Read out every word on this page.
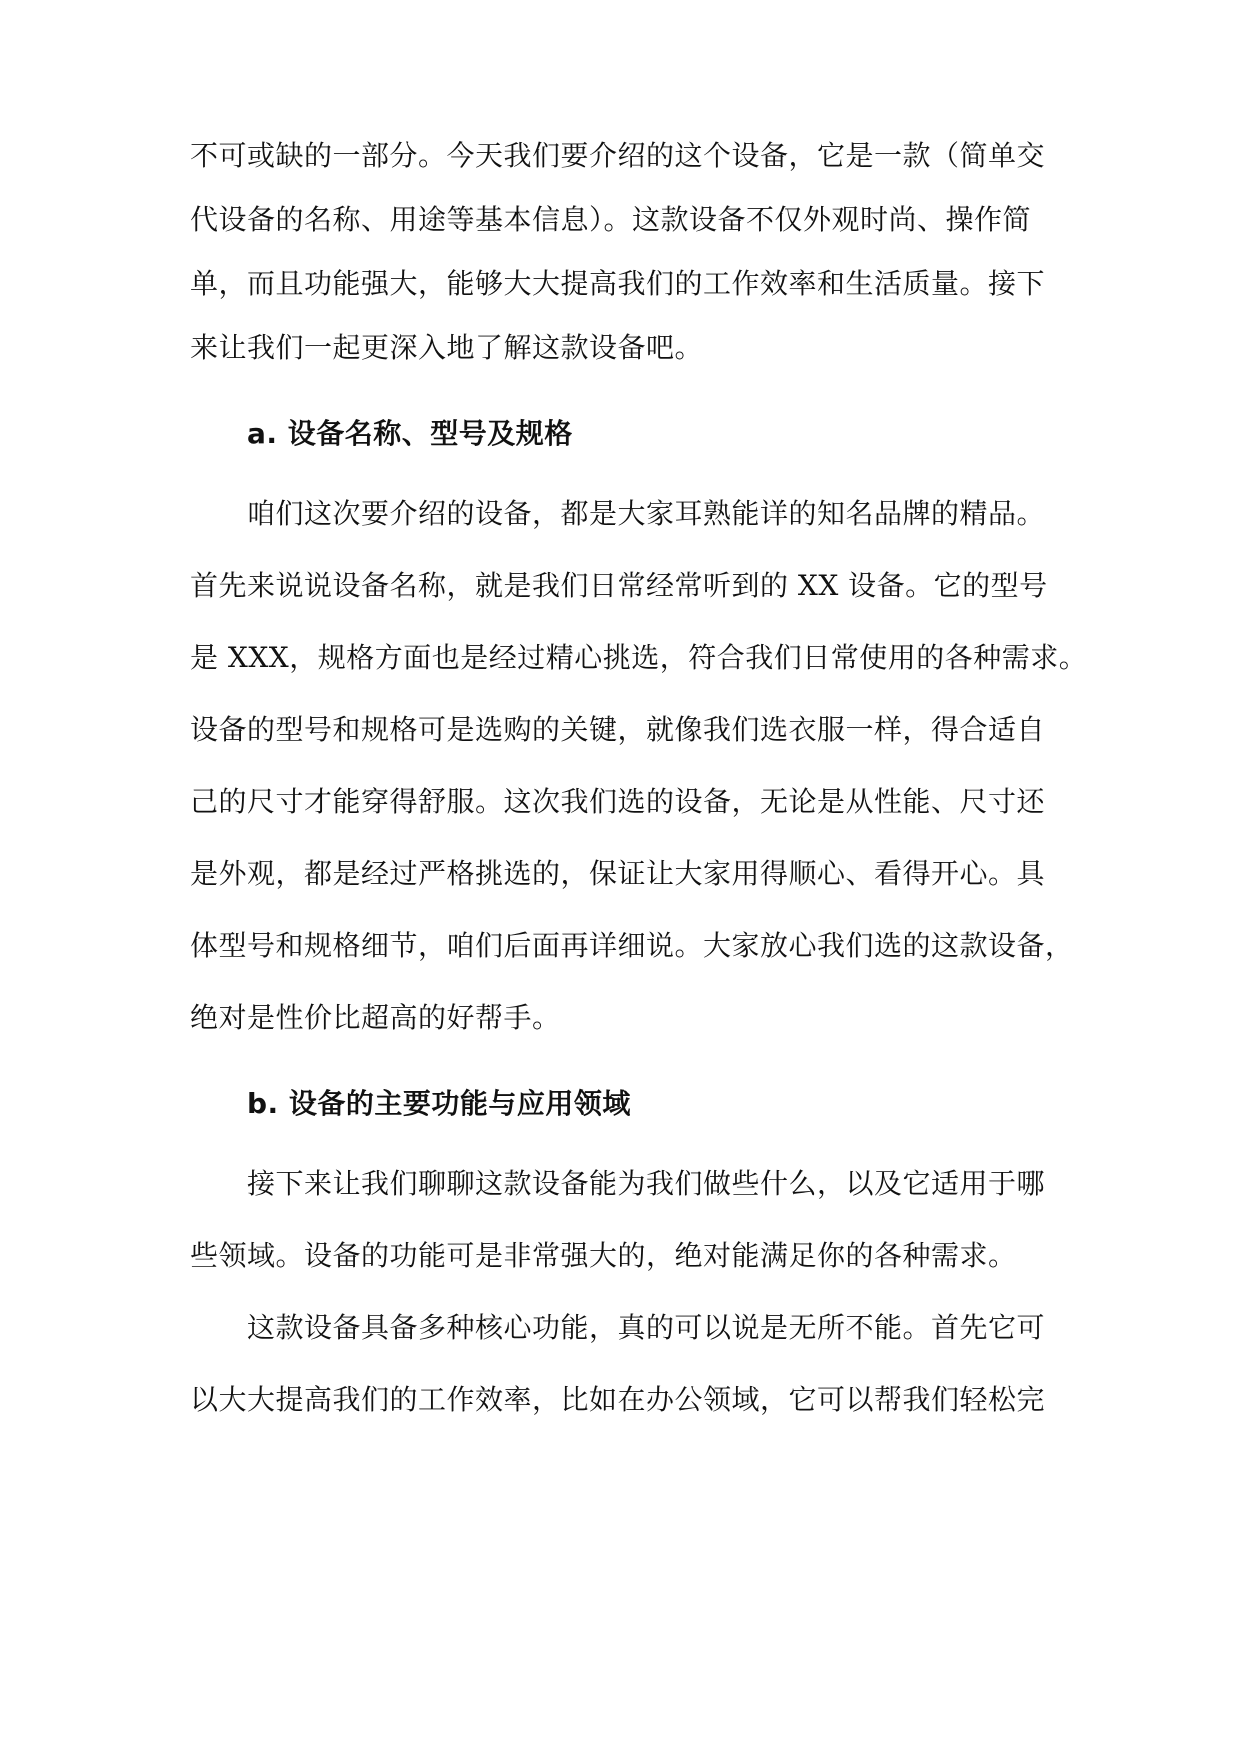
不可或缺的一部分。今天我们要介绍的这个设备，它是一款（简单交
代设备的名称、用途等基本信息）。这款设备不仅外观时尚、操作简
单，而且功能强大，能够大大提高我们的工作效率和生活质量。接下
来让我们一起更深入地了解这款设备吧。
a. 设备名称、型号及规格
咱们这次要介绍的设备，都是大家耳熟能详的知名品牌的精品。
首先来说说设备名称，就是我们日常经常听到的 XX 设备。它的型号
是 XXX，规格方面也是经过精心挑选，符合我们日常使用的各种需求。
设备的型号和规格可是选购的关键，就像我们选衣服一样，得合适自
己的尺寸才能穿得舒服。这次我们选的设备，无论是从性能、尺寸还
是外观，都是经过严格挑选的，保证让大家用得顺心、看得开心。具
体型号和规格细节，咱们后面再详细说。大家放心我们选的这款设备，
绝对是性价比超高的好帮手。
b. 设备的主要功能与应用领域
接下来让我们聊聊这款设备能为我们做些什么，以及它适用于哪
些领域。设备的功能可是非常强大的，绝对能满足你的各种需求。
这款设备具备多种核心功能，真的可以说是无所不能。首先它可
以大大提高我们的工作效率，比如在办公领域，它可以帮我们轻松完
